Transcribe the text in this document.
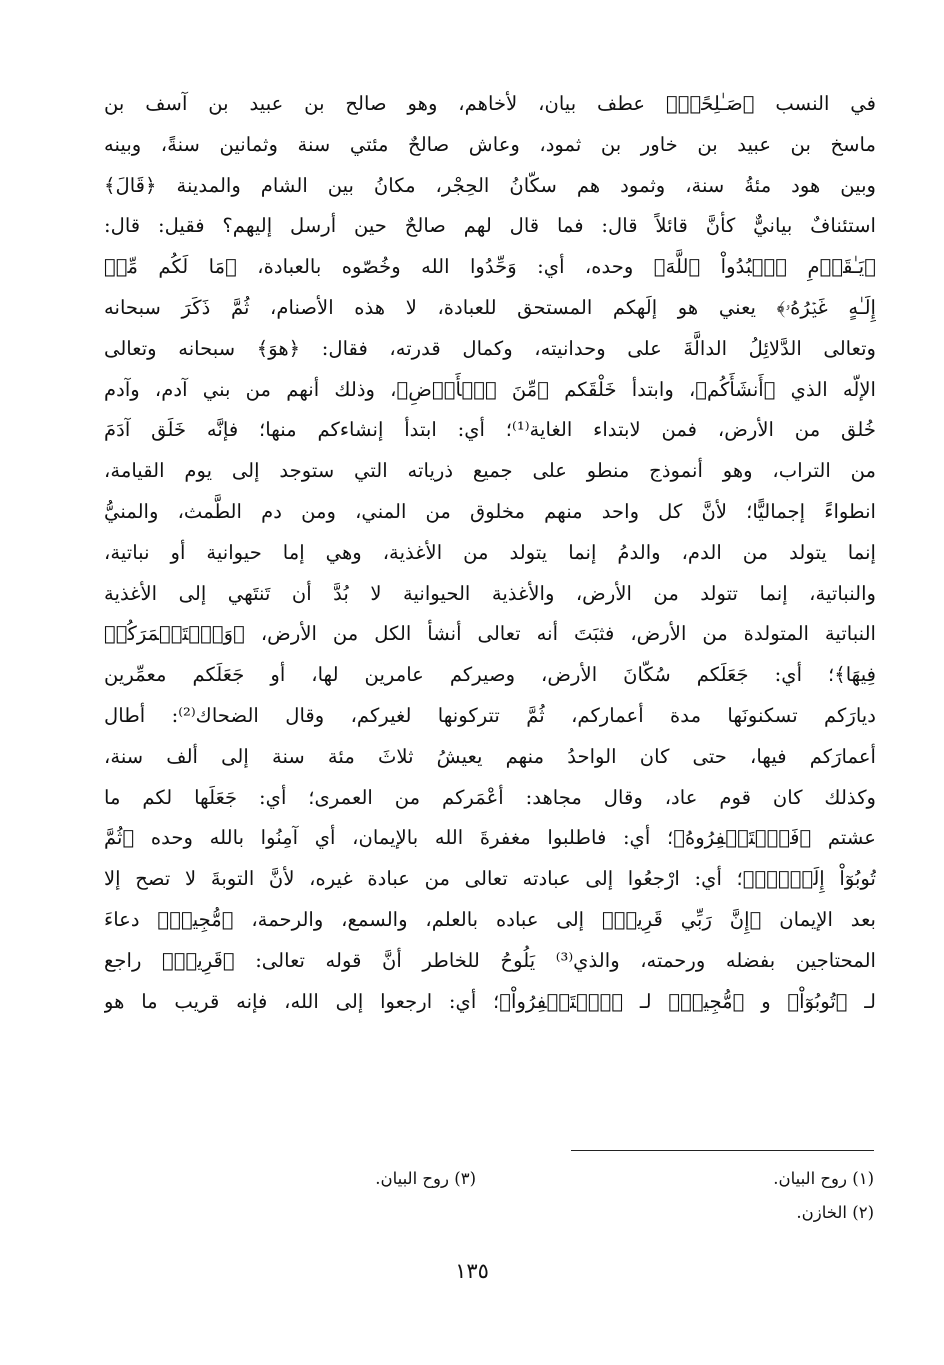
في النسب ﴿صَـٰلِحًاۚ﴾ عطف بيان، لأخاهم، وهو صالح بن عبيد بن آسف بن
ماسخ بن عبيد بن خاور بن ثمود، وعاش صالحٌ مئتي سنة وثمانين سنةً، وبينه
وبين هود مئةُ سنة، وثمود هم سكّانُ الحِجْر، مكانُ بين الشام والمدينة ﴿قَالَ﴾
استئنافٌ بيانيٌّ كأنَّ قائلاً قال: فما قال لهم صالحٌ حين أرسل إليهم؟ فقيل: قال:
﴿يَـٰقَوۡمِ ٱعۡبُدُواْ ٱللَّهَ﴾ وحده، أي: وَحِّدُوا الله وخُصّوه بالعبادة، ﴿مَا لَكُم مِّنۡ
إِلَـٰهٍ غَيۡرُهُۥ﴾ يعني هو إلَهكم المستحق للعبادة، لا هذه الأصنام، ثُمَّ ذَكَرَ سبحانه
وتعالى الدَّلائِلُ الدالَّةَ على وحدانيته، وكمال قدرته، فقال: ﴿هوَ﴾ سبحانه وتعالى
الإلّه الذي ﴿أَنشَأَكُم﴾، وابتدأ خَلْقَكم ﴿مِّنَ ٱلۡأَرۡضِ﴾، وذلك أنهم من بني آدم، وآدم
خُلق من الأرض، فمن لابتداء الغاية⁽¹⁾؛ أي: ابتدأ إنشاءكم منها؛ فإنَّه خَلَق آدَمَ
من التراب، وهو أنموذج منطو على جميع ذرياته التي ستوجد إلى يوم القيامة،
انطواءً إجماليًّا؛ لأنَّ كل واحد منهم مخلوق من المني، ومن دم الطَّمث، والمنيُّ
إنما يتولد من الدم، والدمُ إنما يتولد من الأغذية، وهي إما حيوانية أو نباتية،
والنباتية، إنما تتولد من الأرض، والأغذية الحيوانية لا بُدَّ أن تَنتَهي إلى الأغذية
النباتية المتولدة من الأرض، فثبَتَ أنه تعالى أنشأ الكل من الأرض، ﴿وَٱسۡتَعۡمَرَكُمۡ
فِيهَا﴾؛ أي: جَعَلَكم سُكّانَ الأرض، وصيركم عامرين لها، أو جَعَلَكم معمِّرين
ديارَكم تسكنونَها مدة أعماركم، ثُمَّ تتركونها لغيركم، وقال الضحاك⁽²⁾: أطال
أعمارَكم فيها، حتى كان الواحدُ منهم يعيشُ ثلاثَ مئة سنة إلى ألف سنة،
وكذلك كان قوم عاد، وقال مجاهد: أعْمَركم من العمرى؛ أي: جَعَلَها لكم ما
عشتم ﴿فَٱسۡتَغۡفِرُوهُ﴾؛ أي: فاطلبوا مغفرةَ الله بالإيمان، أي آمِنُوا بالله وحده ﴿ثُمَّ
تُوبُوٓاْ إِلَيۡهِۚ﴾؛ أي: ارْجعُوا إلى عبادته تعالى من عبادة غيره، لأنَّ التوبةَ لا تصح إلا
بعد الإيمان ﴿إِنَّ رَبِّي قَرِيبٞ﴾ إلى عباده بالعلم، والسمع، والرحمة، ﴿مُّجِيبٞ﴾ دعاءَ
المحتاجين بفضله ورحمته، والذي⁽³⁾ يَلُوحُ للخاطر أنَّ قوله تعالى: ﴿قَرِيبٞ﴾ راجع
لـ ﴿تُوبُوٓاْ﴾ و ﴿مُّجِيبٞ﴾ لـ ﴿ٱسۡتَغۡفِرُواْ﴾؛ أي: ارجعوا إلى الله، فإنه قريب ما هو
(١) روح البيان.
(٣) روح البيان.
(٢) الخازن.
١٣٥
